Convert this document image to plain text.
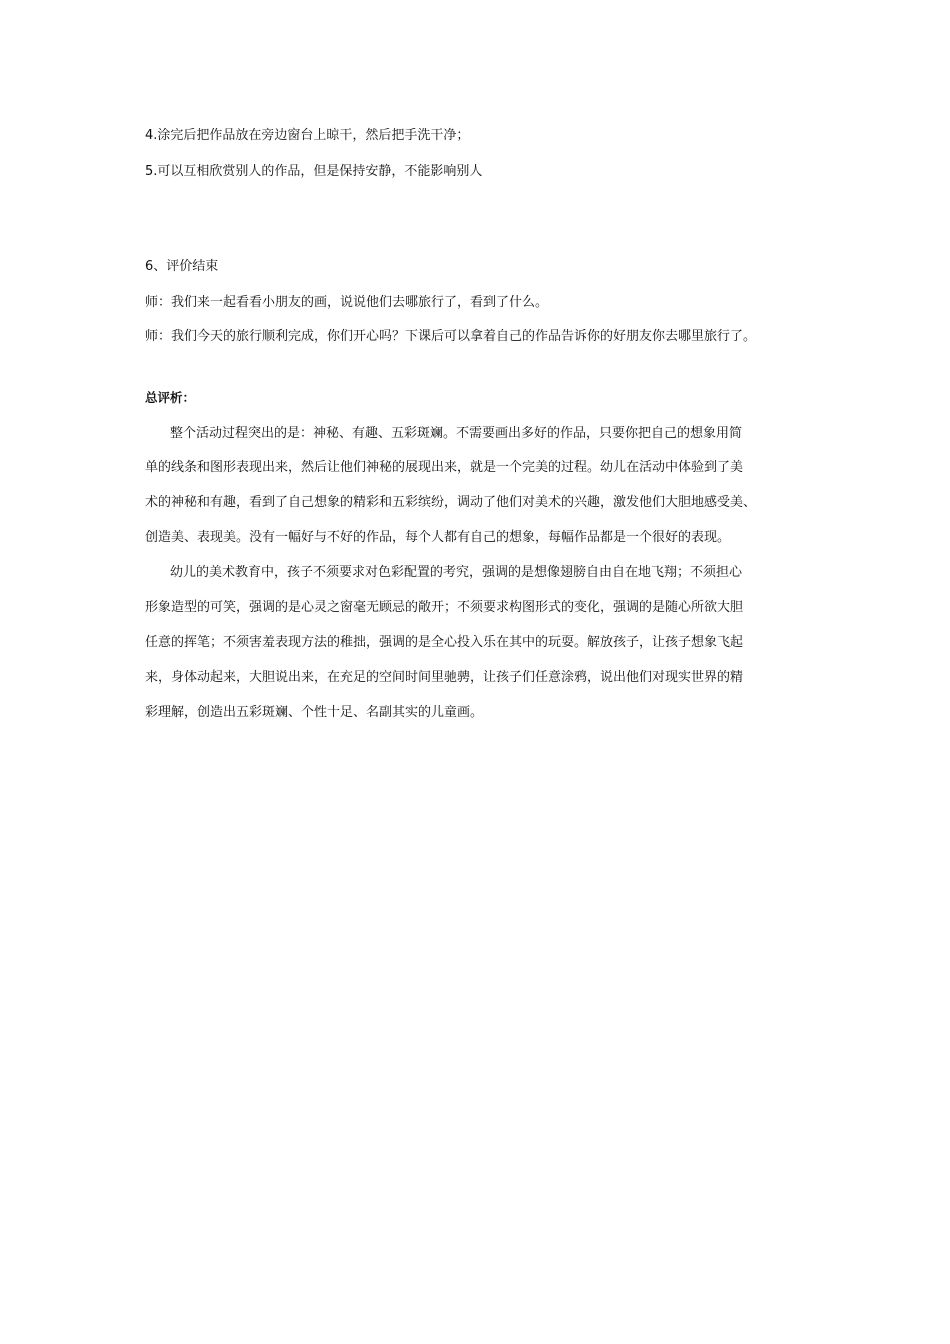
4.涂完后把作品放在旁边窗台上晾干，然后把手洗干净；
5.可以互相欣赏别人的作品，但是保持安静，不能影响别人
6、评价结束
师：我们来一起看看小朋友的画，说说他们去哪旅行了，看到了什么。
师：我们今天的旅行顺利完成，你们开心吗？下课后可以拿着自己的作品告诉你的好朋友你去哪里旅行了。
总评析：
整个活动过程突出的是：神秘、有趣、五彩斑斓。不需要画出多好的作品，只要你把自己的想象用简
单的线条和图形表现出来，然后让他们神秘的展现出来，就是一个完美的过程。幼儿在活动中体验到了美
术的神秘和有趣，看到了自己想象的精彩和五彩缤纷，调动了他们对美术的兴趣，激发他们大胆地感受美、
创造美、表现美。没有一幅好与不好的作品，每个人都有自己的想象，每幅作品都是一个很好的表现。
幼儿的美术教育中，孩子不须要求对色彩配置的考究，强调的是想像翅膀自由自在地飞翔；不须担心
形象造型的可笑，强调的是心灵之窗毫无顾忌的敞开；不须要求构图形式的变化，强调的是随心所欲大胆
任意的挥笔；不须害羞表现方法的稚拙，强调的是全心投入乐在其中的玩耍。解放孩子，让孩子想象飞起
来，身体动起来，大胆说出来，在充足的空间时间里驰骋，让孩子们任意涂鸦，说出他们对现实世界的精
彩理解，创造出五彩斑斓、个性十足、名副其实的儿童画。
